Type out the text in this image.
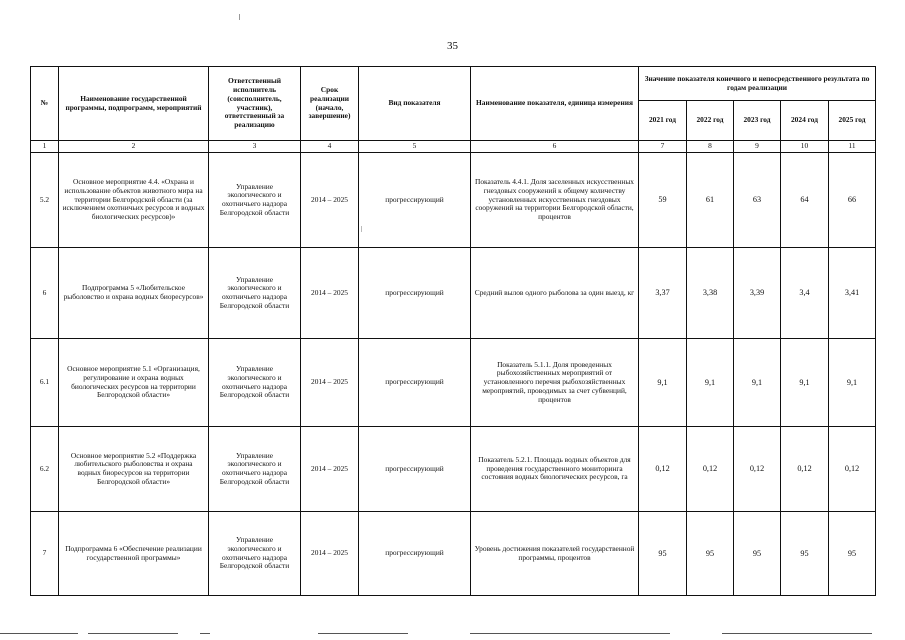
35
№	Наименование государственной программы, подпрограмм, мероприятий	Ответственный исполнитель (соисполнитель, участник), ответственный за реализацию	Срок реализации (начало, завершение)	Вид показателя	Наименование показателя, единица измерения	Значение показателя конечного и непосредственного результата по годам реализации				
						2021 год	2022 год	2023 год	2024 год	2025 год
1	2	3	4	5	6	7	8	9	10	11
5.2	Основное мероприятие 4.4. «Охрана и использование объектов животного мира на территории Белгородской области (за исключением охотничьих ресурсов и водных биологических ресурсов)»	Управление экологического и охотничьего надзора Белгородской области	2014 – 2025	прогрессирующий	Показатель 4.4.1. Доля заселенных искусственных гнездовых сооружений к общему количеству установленных искусственных гнездовых сооружений на территории Белгородской области, процентов	59	61	63	64	66
6	Подпрограмма 5 «Любительское рыболовство и охрана водных биоресурсов»	Управление экологического и охотничьего надзора Белгородской области	2014 – 2025	прогрессирующий	Средний вылов одного рыболова за один выезд, кг	3,37	3,38	3,39	3,4	3,41
6.1	Основное мероприятие 5.1 «Организация, регулирование и охрана водных биологических ресурсов на территории Белгородской области»	Управление экологического и охотничьего надзора Белгородской области	2014 – 2025	прогрессирующий	Показатель 5.1.1. Доля проведенных рыбохозяйственных мероприятий от установленного перечня рыбохозяйственных мероприятий, проводимых за счет субвенций, процентов	9,1	9,1	9,1	9,1	9,1
6.2	Основное мероприятие 5.2 «Поддержка любительского рыболовства и охрана водных биоресурсов на территории Белгородской области»	Управление экологического и охотничьего надзора Белгородской области	2014 – 2025	прогрессирующий	Показатель 5.2.1. Площадь водных объектов для проведения государственного мониторинга состояния водных биологических ресурсов, га	0,12	0,12	0,12	0,12	0,12
7	Подпрограмма 6 «Обеспечение реализации государственной программы»	Управление экологического и охотничьего надзора Белгородской области	2014 – 2025	прогрессирующий	Уровень достижения показателей государственной программы, процентов	95	95	95	95	95
